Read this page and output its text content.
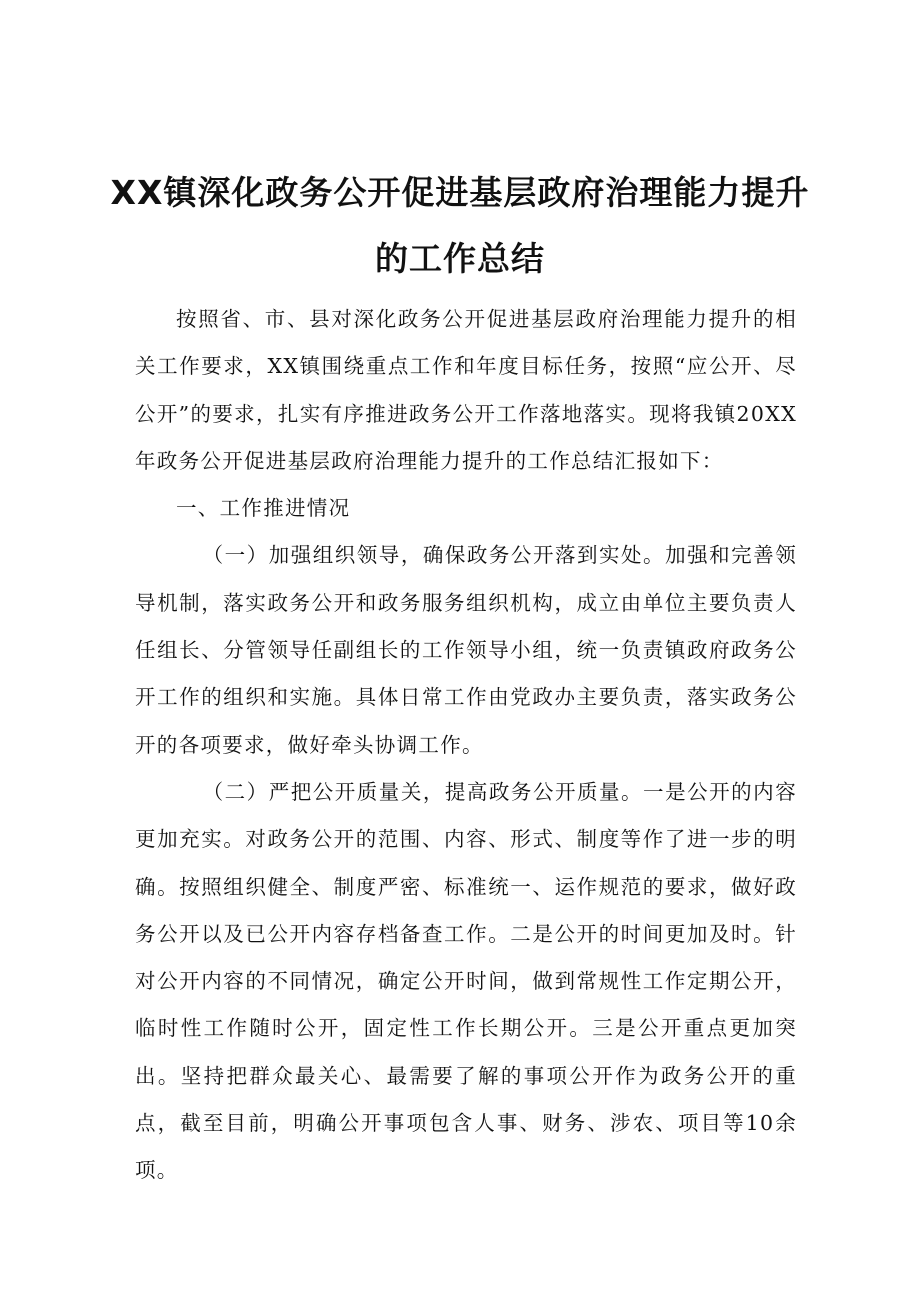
XX镇深化政务公开促进基层政府治理能力提升的工作总结

按照省、市、县对深化政务公开促进基层政府治理能力提升的相关工作要求，XX镇围绕重点工作和年度目标任务，按照“应公开、尽公开”的要求，扎实有序推进政务公开工作落地落实。现将我镇20XX年政务公开促进基层政府治理能力提升的工作总结汇报如下：

一、工作推进情况

（一）加强组织领导，确保政务公开落到实处。加强和完善领导机制，落实政务公开和政务服务组织机构，成立由单位主要负责人任组长、分管领导任副组长的工作领导小组，统一负责镇政府政务公开工作的组织和实施。具体日常工作由党政办主要负责，落实政务公开的各项要求，做好牵头协调工作。

（二）严把公开质量关，提高政务公开质量。一是公开的内容更加充实。对政务公开的范围、内容、形式、制度等作了进一步的明确。按照组织健全、制度严密、标准统一、运作规范的要求，做好政务公开以及已公开内容存档备查工作。二是公开的时间更加及时。针对公开内容的不同情况，确定公开时间，做到常规性工作定期公开，临时性工作随时公开，固定性工作长期公开。三是公开重点更加突出。坚持把群众最关心、最需要了解的事项公开作为政务公开的重点，截至目前，明确公开事项包含人事、财务、涉农、项目等10余项。
